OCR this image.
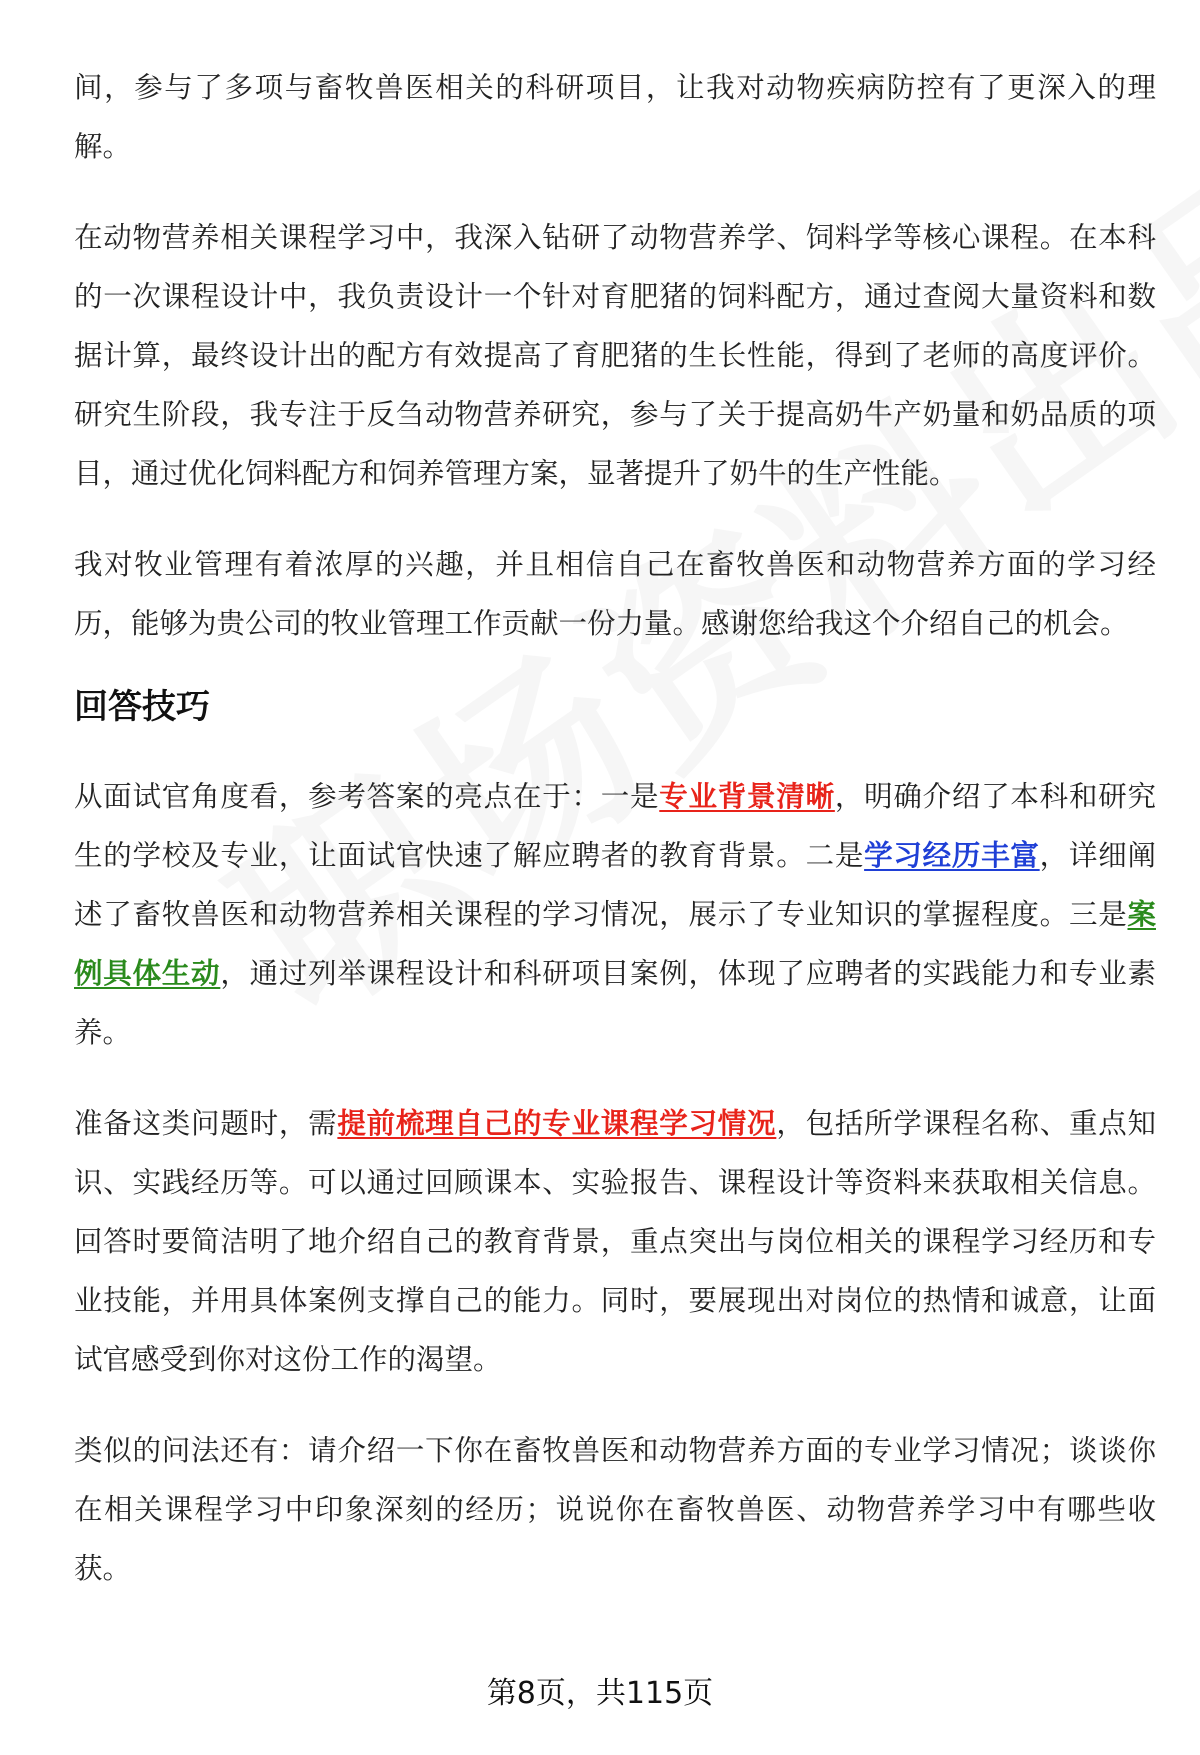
间，参与了多项与畜牧兽医相关的科研项目，让我对动物疾病防控有了更深入的理解。

在动物营养相关课程学习中，我深入钻研了动物营养学、饲料学等核心课程。在本科的一次课程设计中，我负责设计一个针对育肥猪的饲料配方，通过查阅大量资料和数据计算，最终设计出的配方有效提高了育肥猪的生长性能，得到了老师的高度评价。研究生阶段，我专注于反刍动物营养研究，参与了关于提高奶牛产奶量和奶品质的项目，通过优化饲料配方和饲养管理方案，显著提升了奶牛的生产性能。

我对牧业管理有着浓厚的兴趣，并且相信自己在畜牧兽医和动物营养方面的学习经历，能够为贵公司的牧业管理工作贡献一份力量。感谢您给我这个介绍自己的机会。

回答技巧

从面试官角度看，参考答案的亮点在于：一是专业背景清晰，明确介绍了本科和研究生的学校及专业，让面试官快速了解应聘者的教育背景。二是学习经历丰富，详细阐述了畜牧兽医和动物营养相关课程的学习情况，展示了专业知识的掌握程度。三是案例具体生动，通过列举课程设计和科研项目案例，体现了应聘者的实践能力和专业素养。

准备这类问题时，需提前梳理自己的专业课程学习情况，包括所学课程名称、重点知识、实践经历等。可以通过回顾课本、实验报告、课程设计等资料来获取相关信息。回答时要简洁明了地介绍自己的教育背景，重点突出与岗位相关的课程学习经历和专业技能，并用具体案例支撑自己的能力。同时，要展现出对岗位的热情和诚意，让面试官感受到你对这份工作的渴望。

类似的问法还有：请介绍一下你在畜牧兽医和动物营养方面的专业学习情况；谈谈你在相关课程学习中印象深刻的经历；说说你在畜牧兽医、动物营养学习中有哪些收获。

第8页，共115页
